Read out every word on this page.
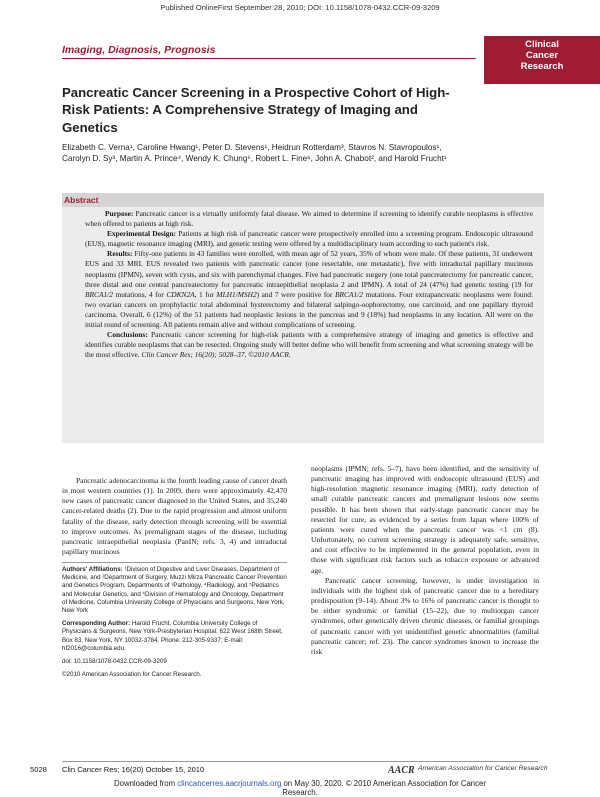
Published OnlineFirst September 28, 2010; DOI: 10.1158/1078-0432.CCR-09-3209
Imaging, Diagnosis, Prognosis	Clinical
Cancer
Research
Pancreatic Cancer Screening in a Prospective Cohort of High-Risk Patients: A Comprehensive Strategy of Imaging and Genetics
Elizabeth C. Verna¹, Caroline Hwang¹, Peter D. Stevens¹, Heidrun Rotterdam³, Stavros N. Stavropoulos¹,
Carolyn D. Sy³, Martin A. Prince⁴, Wendy K. Chung⁵, Robert L. Fine⁶, John A. Chabot², and Harold Frucht¹
Abstract

Purpose: Pancreatic cancer is a virtually uniformly fatal disease. We aimed to determine if screening to identify curable neoplasms is effective when offered to patients at high risk.

Experimental Design: Patients at high risk of pancreatic cancer were prospectively enrolled into a screening program. Endoscopic ultrasound (EUS), magnetic resonance imaging (MRI), and genetic testing were offered by a multidisciplinary team according to each patient's risk.

Results: Fifty-one patients in 43 families were enrolled, with mean age of 52 years, 35% of whom were male. Of these patients, 31 underwent EUS and 33 MRI. EUS revealed two patients with pancreatic cancer (one resectable, one metastatic), five with intraductal papillary mucinous neoplasms (IPMN), seven with cysts, and six with parenchymal changes. Five had pancreatic surgery (one total pancreatectomy for pancreatic cancer, three distal and one central pancreatectomy for pancreatic intraepithelial neoplasia 2 and IPMN). A total of 24 (47%) had genetic testing (19 for BRCA1/2 mutations, 4 for CDKN2A, 1 for MLH1/MSH2) and 7 were positive for BRCA1/2 mutations. Four extrapancreatic neoplasms were found: two ovarian cancers on prophylactic total abdominal hysterectomy and bilateral salpingo-oophorectomy, one carcinoid, and one papillary thyroid carcinoma. Overall, 6 (12%) of the 51 patients had neoplastic lesions in the pancreas and 9 (18%) had neoplasms in any location. All were on the initial round of screening. All patients remain alive and without complications of screening.

Conclusions: Pancreatic cancer screening for high-risk patients with a comprehensive strategy of imaging and genetics is effective and identifies curable neoplasms that can be resected. Ongoing study will better define who will benefit from screening and what screening strategy will be the most effective. Clin Cancer Res; 16(20); 5028–37. ©2010 AACR.

Pancreatic adenocarcinoma is the fourth leading cause of cancer death in most western countries (1). In 2009, there were approximately 42,470 new cases of pancreatic cancer diagnosed in the United States, and 35,240 cancer-related deaths (2). Due to the rapid progression and almost uniform fatality of the disease, early detection through screening will be essential to improve outcomes. As premalignant stages of the disease, including pancreatic intraepithelial neoplasia (PanIN; refs. 3, 4) and intraductal papillary mucinous

neoplasms (IPMN; refs. 5–7), have been identified, and the sensitivity of pancreatic imaging has improved with endoscopic ultrasound (EUS) and high-resolution magnetic resonance imaging (MRI), early detection of small curable pancreatic cancers and premalignant lesions now seems possible. It has been shown that early-stage pancreatic cancer may be resected for cure, as evidenced by a series from Japan where 100% of patients were cured when the pancreatic cancer was <1 cm (8). Unfortunately, no current screening strategy is adequately safe, sensitive, and cost effective to be implemented in the general population, even in those with significant risk factors such as tobacco exposure or advanced age.

Pancreatic cancer screening, however, is under investigation in individuals with the highest risk of pancreatic cancer due to a hereditary predisposition (9–14). About 3% to 16% of pancreatic cancer is thought to be either syndromic or familial (15–22), due to multiorgan cancer syndromes, other genetically driven chronic diseases, or familial groupings of pancreatic cancer with yet unidentified genetic abnormalities (familial pancreatic cancer; ref. 23). The cancer syndromes known to increase the risk

Authors' Affiliations: ¹Division of Digestive and Liver Diseases, Department of Medicine, and ²Department of Surgery, Muzzi Mirza Pancreatic Cancer Prevention and Genetics Program, Departments of ³Pathology, ⁴Radiology, and ⁵Pediatrics and Molecular Genetics, and ⁶Division of Hematology and Oncology, Department of Medicine, Columbia University College of Physicians and Surgeons, New York, New York

Corresponding Author: Harold Frucht, Columbia University College of Physicians & Surgeons, New York-Presbyterian Hospital, 622 West 168th Street, Box 83, New York, NY 10032-3784. Phone: 212-305-9337; E-mail: hf2016@columbia.edu.

doi: 10.1158/1078-0432.CCR-09-3209

©2010 American Association for Cancer Research.

5028 Clin Cancer Res; 16(20) October 15, 2010	AACR American Association for Cancer Research
Downloaded from clincancerres.aacrjournals.org on May 30, 2020. © 2010 American Association for Cancer
Research.
